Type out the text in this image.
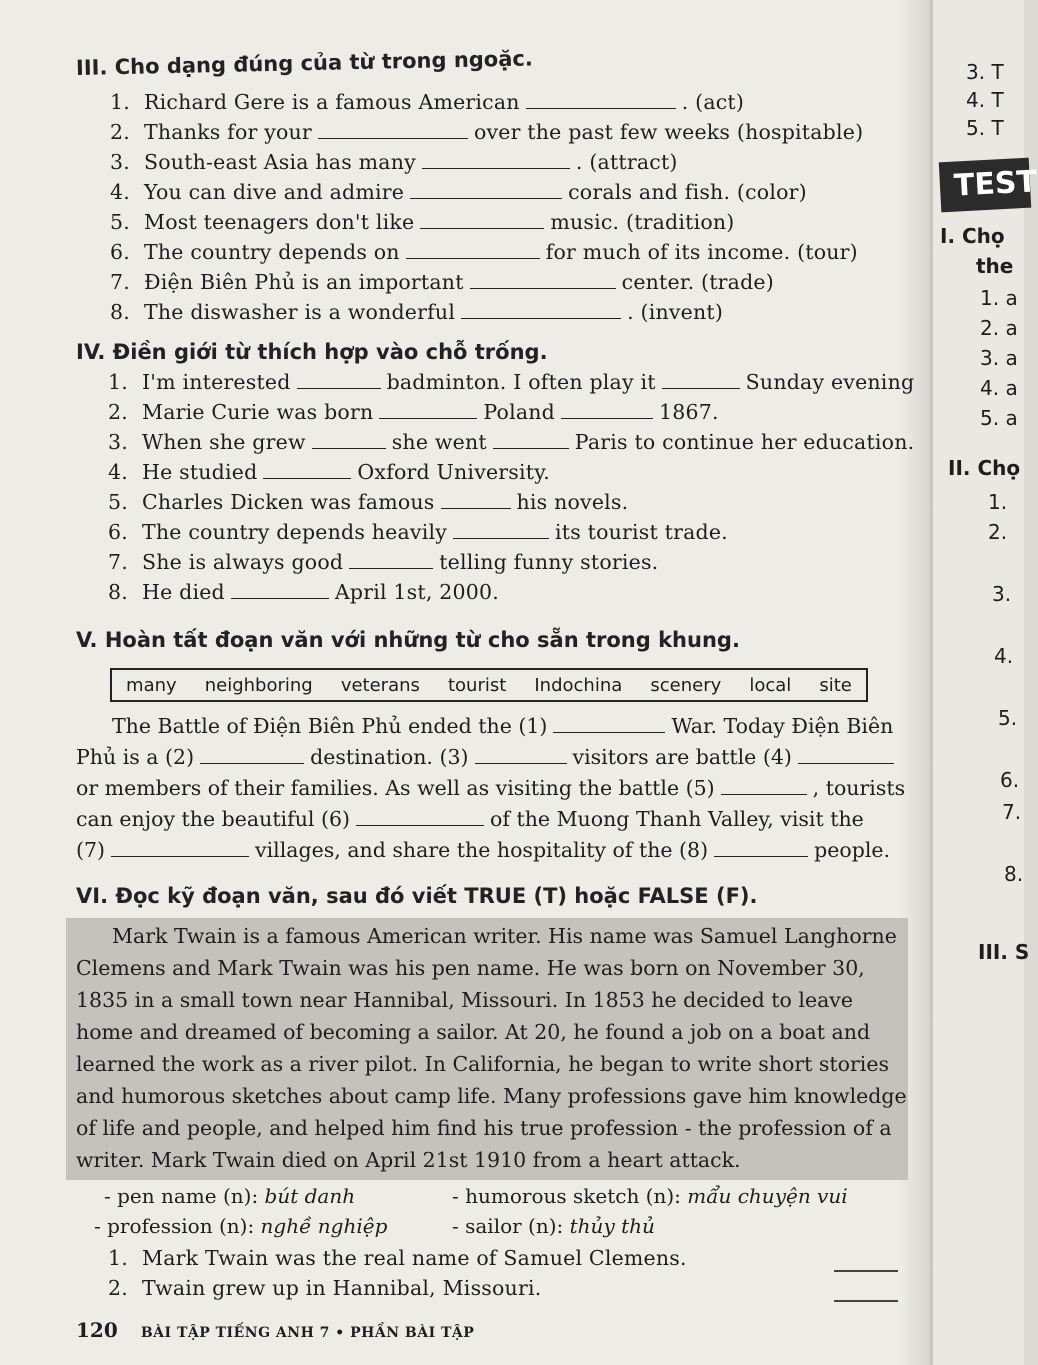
III. Cho dạng đúng của từ trong ngoặc.
1. Richard Gere is a famous American	. (act)
2. Thanks for your	over the past few weeks (hospitable)
3. South-east Asia has many	. (attract)
4. You can dive and admire	corals and fish. (color)
5. Most teenagers don't like	music. (tradition)
6. The country depends on	for much of its income. (tour)
7. Điện Biên Phủ is an important	center. (trade)
8. The diswasher is a wonderful	. (invent)
IV. Điền giới từ thích hợp vào chỗ trống.
1. I'm interested	badminton. I often play it	Sunday evening
2. Marie Curie was born	Poland	1867.
3. When she grew	she went	Paris to continue her education.
4. He studied	Oxford University.
5. Charles Dicken was famous	his novels.
6. The country depends heavily	its tourist trade.
7. She is always good	telling funny stories.
8. He died	April 1st, 2000.
V. Hoàn tất đoạn văn với những từ cho sẵn trong khung.
many neighboring veterans tourist Indochina scenery local site
The Battle of Điện Biên Phủ ended the (1)	War. Today Điện Biên
Phủ is a (2)	destination. (3)	visitors are battle (4)
or members of their families. As well as visiting the battle (5)	, tourists
can enjoy the beautiful (6)	of the Muong Thanh Valley, visit the
(7)	villages, and share the hospitality of the (8)	people.
VI. Đọc kỹ đoạn văn, sau đó viết TRUE (T) hoặc FALSE (F).
Mark Twain is a famous American writer. His name was Samuel Langhorne
Clemens and Mark Twain was his pen name. He was born on November 30,
1835 in a small town near Hannibal, Missouri. In 1853 he decided to leave
home and dreamed of becoming a sailor. At 20, he found a job on a boat and
learned the work as a river pilot. In California, he began to write short stories
and humorous sketches about camp life. Many professions gave him knowledge
of life and people, and helped him find his true profession - the profession of a
writer. Mark Twain died on April 21st 1910 from a heart attack.
- pen name (n): bút danh	- humorous sketch (n): mẩu chuyện vui
- profession (n): nghề nghiệp	- sailor (n): thủy thủ
1. Mark Twain was the real name of Samuel Clemens.
2. Twain grew up in Hannibal, Missouri.
120 BÀI TẬP TIẾNG ANH 7 • PHẦN BÀI TẬP
3. T
4. T
5. T
TEST
I. Chọ
the
1. a
2. a
3. a
4. a
5. a
II. Chọ
1.
2.
3.
4.
5.
6.
7.
8.
III. S
